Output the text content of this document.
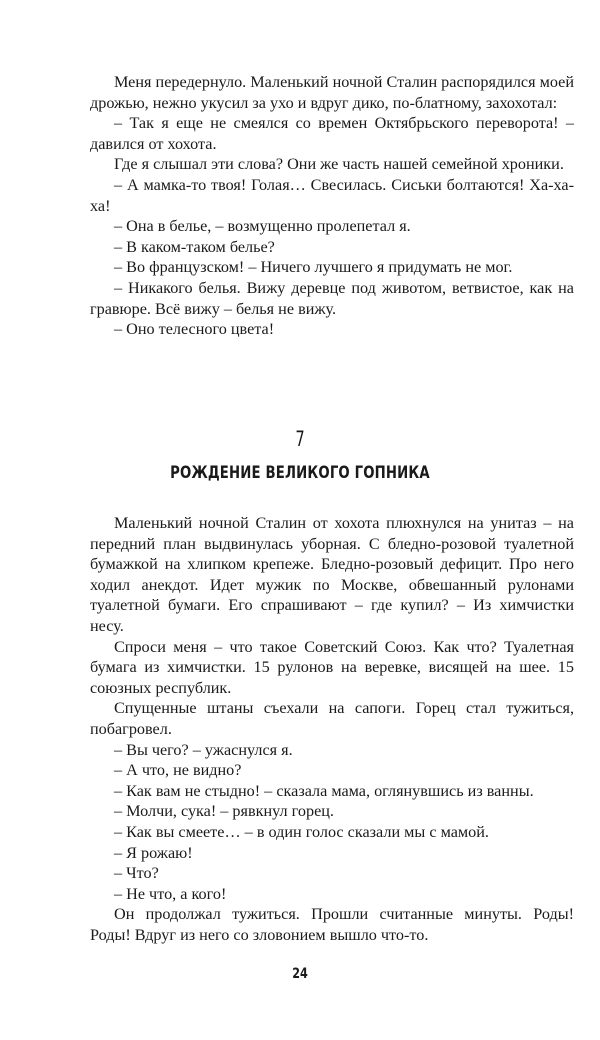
Меня передернуло. Маленький ночной Сталин распорядился моей дрожью, нежно укусил за ухо и вдруг дико, по-блатному, захохотал:

– Так я еще не смеялся со времен Октябрьского переворота! – давился от хохота.

Где я слышал эти слова? Они же часть нашей семейной хроники.

– А мамка-то твоя! Голая… Свесилась. Сиськи болтаются! Ха-ха-ха!

– Она в белье, – возмущенно пролепетал я.

– В каком-таком белье?

– Во французском! – Ничего лучшего я придумать не мог.

– Никакого белья. Вижу деревце под животом, ветвистое, как на гравюре. Всё вижу – белья не вижу.

– Оно телесного цвета!

7
РОЖДЕНИЕ ВЕЛИКОГО ГОПНИКА

Маленький ночной Сталин от хохота плюхнулся на унитаз – на передний план выдвинулась уборная. С бледно-розовой туалетной бумажкой на хлипком крепеже. Бледно-розовый дефицит. Про него ходил анекдот. Идет мужик по Москве, обвешанный рулонами туалетной бумаги. Его спрашивают – где купил? – Из химчистки несу.

Спроси меня – что такое Советский Союз. Как что? Туалетная бумага из химчистки. 15 рулонов на веревке, висящей на шее. 15 союзных республик.

Спущенные штаны съехали на сапоги. Горец стал тужиться, побагровел.

– Вы чего? – ужаснулся я.

– А что, не видно?

– Как вам не стыдно! – сказала мама, оглянувшись из ванны.

– Молчи, сука! – рявкнул горец.

– Как вы смеете… – в один голос сказали мы с мамой.

– Я рожаю!

– Что?

– Не что, а кого!

Он продолжал тужиться. Прошли считанные минуты. Роды! Роды! Вдруг из него со зловонием вышло что-то.

24
